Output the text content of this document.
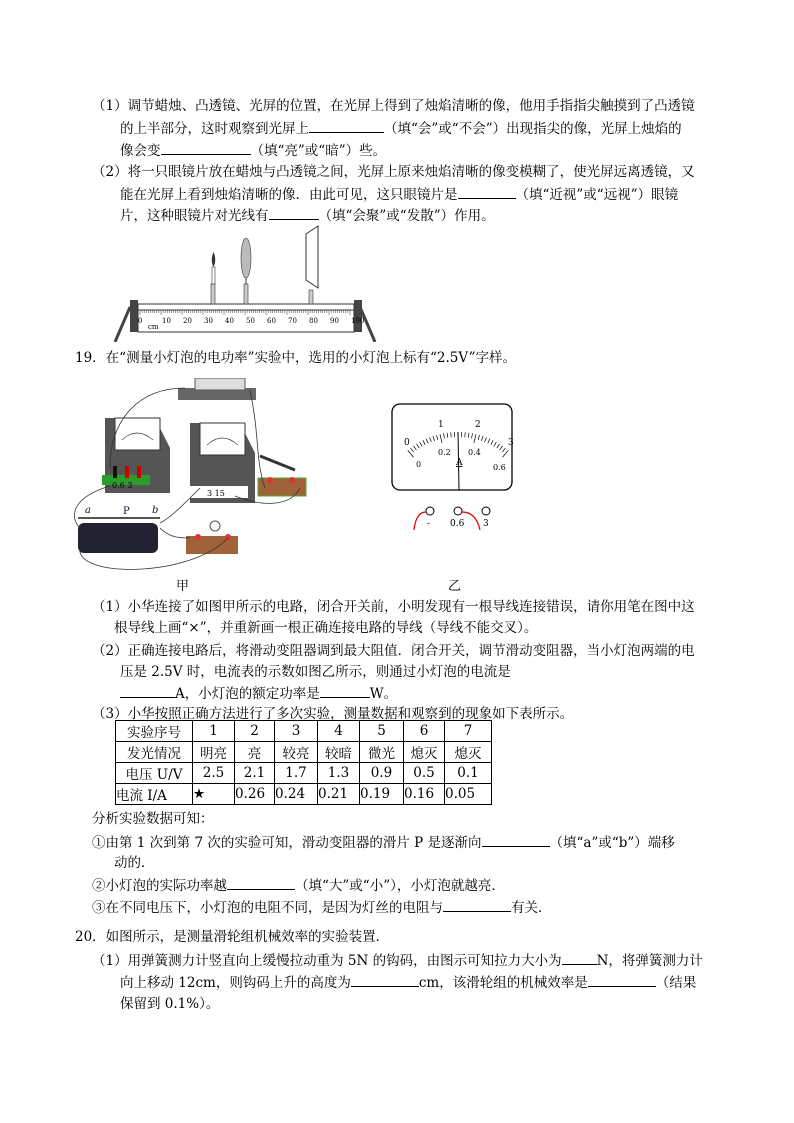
（1）调节蜡烛、凸透镜、光屏的位置，在光屏上得到了烛焰清晰的像，他用手指指尖触摸到了凸透镜
的上半部分，这时观察到光屏上	（填“会”或“不会”）出现指尖的像，光屏上烛焰的
像会变	（填“亮”或“暗”）些。
（2）将一只眼镜片放在蜡烛与凸透镜之间，光屏上原来烛焰清晰的像变模糊了，使光屏远离透镜，又
能在光屏上看到烛焰清晰的像．由此可见，这只眼镜片是	（填“近视”或“远视”）眼镜
片，这种眼镜片对光线有	（填“会聚”或“发散”）作用。
cm
0	10 20 30 40 50 60 70 80 90 100
19．在“测量小灯泡的电功率”实验中，选用的小灯泡上标有“2.5V”字样。
0.6 3
3 15
a	P b
甲
0
1	2
3
0
0.2 0.4
0.6
A
- 0.6 3
乙
（1）小华连接了如图甲所示的电路，闭合开关前，小明发现有一根导线连接错误，请你用笔在图中这
根导线上画“×”，并重新画一根正确连接电路的导线（导线不能交叉）。
（2）正确连接电路后，将滑动变阻器调到最大阻值．闭合开关，调节滑动变阻器，当小灯泡两端的电
压是 2.5V 时，电流表的示数如图乙所示，则通过小灯泡的电流是
A，小灯泡的额定功率是	W。
（3）小华按照正确方法进行了多次实验，测量数据和观察到的现象如下表所示。
实验序号	1	2	3	4	5	6	7
发光情况	明亮	亮	较亮	较暗	微光	熄灭	熄灭
电压 U/V	2.5	2.1	1.7	1.3	0.9	0.5	0.1
电流 I/A	★	0.26	0.24	0.21	0.19	0.16	0.05
分析实验数据可知：
①由第 1 次到第 7 次的实验可知，滑动变阻器的滑片 P 是逐渐向	（填“a”或“b”）端移
动的．
②小灯泡的实际功率越	（填“大”或“小”），小灯泡就越亮．
③在不同电压下，小灯泡的电阻不同，是因为灯丝的电阻与	有关．
20．如图所示，是测量滑轮组机械效率的实验装置．
（1）用弹簧测力计竖直向上缓慢拉动重为 5N 的钩码，由图示可知拉力大小为	N，将弹簧测力计
向上移动 12cm，则钩码上升的高度为	cm，该滑轮组的机械效率是	（结果
保留到 0.1%）。
